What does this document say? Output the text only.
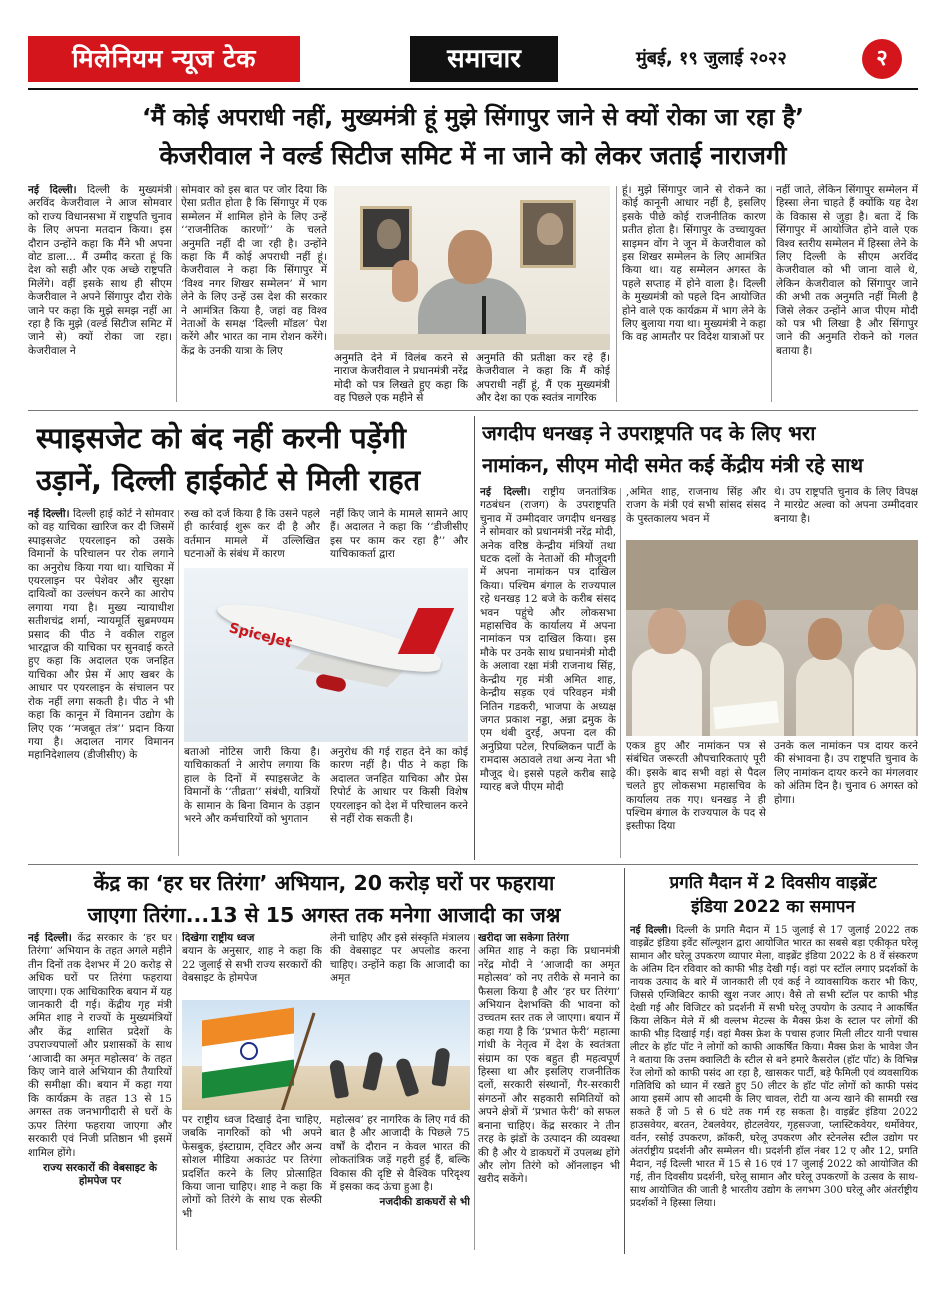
मिलेनियम न्यूज टेक	समाचार	मुंबई, १९ जुलाई २०२२	२
‘मैं कोई अपराधी नहीं, मुख्यमंत्री हूं मुझे सिंगापुर जाने से क्यों रोका जा रहा है’
केजरीवाल ने वर्ल्ड सिटीज समिट में ना जाने को लेकर जताई नाराजगी
नई दिल्ली। दिल्ली के मुख्यमंत्री अरविंद केजरीवाल ने आज सोमवार को राज्य विधानसभा में राष्ट्रपति चुनाव के लिए अपना मतदान किया। इस दौरान उन्होंने कहा कि मैंने भी अपना वोट डाला... मैं उम्मीद करता हूं कि देश को सही और एक अच्छे राष्ट्रपति मिलेंगे। वहीं इसके साथ ही सीएम केजरीवाल ने अपने सिंगापुर दौरा रोके जाने पर कहा कि मुझे समझ नहीं आ रहा है कि मुझे (वर्ल्ड सिटीज समिट में जाने से) क्यों रोका जा रहा। केजरीवाल ने
सोमवार को इस बात पर जोर दिया कि ऐसा प्रतीत होता है कि सिंगापुर में एक सम्मेलन में शामिल होने के लिए उन्हें ‘‘राजनीतिक कारणों’’ के चलते अनुमति नहीं दी जा रही है। उन्होंने कहा कि मैं कोई अपराधी नहीं हूं। केजरीवाल ने कहा कि सिंगापुर में ‘विश्व नगर शिखर सम्मेलन’ में भाग लेने के लिए उन्हें उस देश की सरकार ने आमंत्रित किया है, जहां वह विश्व नेताओं के समक्ष ‘दिल्ली मॉडल’ पेश करेंगे और भारत का नाम रोशन करेंगे। केंद्र के उनकी यात्रा के लिए
अनुमति देने में विलंब करने से नाराज केजरीवाल ने प्रधानमंत्री नरेंद्र मोदी को पत्र लिखते हुए कहा कि वह पिछले एक महीने से
अनुमति की प्रतीक्षा कर रहे हैं। केजरीवाल ने कहा कि मैं कोई अपराधी नहीं हूं, मैं एक मुख्यमंत्री और देश का एक स्वतंत्र नागरिक
हूं। मुझे सिंगापुर जाने से रोकने का कोई कानूनी आधार नहीं है, इसलिए इसके पीछे कोई राजनीतिक कारण प्रतीत होता है। सिंगापुर के उच्चायुक्त साइमन वोंग ने जून में केजरीवाल को इस शिखर सम्मेलन के लिए आमंत्रित किया था। यह सम्मेलन अगस्त के पहले सप्ताह में होने वाला है। दिल्ली के मुख्यमंत्री को पहले दिन आयोजित होने वाले एक कार्यक्रम में भाग लेने के लिए बुलाया गया था। मुख्यमंत्री ने कहा कि वह आमतौर पर विदेश यात्राओं पर
नहीं जाते, लेकिन सिंगापुर सम्मेलन में हिस्सा लेना चाहते हैं क्योंकि यह देश के विकास से जुड़ा है। बता दें कि सिंगापुर में आयोजित होने वाले एक विश्व स्तरीय सम्मेलन में हिस्सा लेने के लिए दिल्ली के सीएम अरविंद केजरीवाल को भी जाना वाले थे, लेकिन केजरीवाल को सिंगापुर जाने की अभी तक अनुमति नहीं मिली है जिसे लेकर उन्होंने आज पीएम मोदी को पत्र भी लिखा है और सिंगापुर जाने की अनुमति रोकने को गलत बताया है।
स्पाइसजेट को बंद नहीं करनी पड़ेंगी
उड़ानें, दिल्ली हाईकोर्ट से मिली राहत
नई दिल्ली। दिल्ली हाई कोर्ट ने सोमवार को वह याचिका खारिज कर दी जिसमें स्पाइसजेट एयरलाइन को उसके विमानों के परिचालन पर रोक लगाने का अनुरोध किया गया था। याचिका में एयरलाइन पर पेशेवर और सुरक्षा दायित्वों का उल्लंघन करने का आरोप लगाया गया है। मुख्य न्यायाधीश सतीशचंद्र शर्मा, न्यायमूर्ति सुब्रमण्यम प्रसाद की पीठ ने वकील राहुल भारद्वाज की याचिका पर सुनवाई करते हुए कहा कि अदालत एक जनहित याचिका और प्रेस में आए खबर के आधार पर एयरलाइन के संचालन पर रोक नहीं लगा सकती है। पीठ ने भी कहा कि कानून में विमानन उद्योग के लिए एक ‘‘मजबूत तंत्र’’ प्रदान किया गया है। अदालत नागर विमानन महानिदेशालय (डीजीसीए) के
रुख को दर्ज किया है कि उसने पहले ही कार्रवाई शुरू कर दी है और वर्तमान मामले में उल्लिखित घटनाओं के संबंध में कारण
नहीं किए जाने के मामले सामने आए हैं। अदालत ने कहा कि ‘‘डीजीसीए इस पर काम कर रहा है’’ और याचिकाकर्ता द्वारा
SpiceJet
बताओ नोटिस जारी किया है। याचिकाकर्ता ने आरोप लगाया कि हाल के दिनों में स्पाइसजेट के विमानों के ‘‘तीव्रता’’ संबंधी, यात्रियों के सामान के बिना विमान के उड़ान भरने और कर्मचारियों को भुगतान
अनुरोध की गई राहत देने का कोई कारण नहीं है। पीठ ने कहा कि अदालत जनहित याचिका और प्रेस रिपोर्ट के आधार पर किसी विशेष एयरलाइन को देश में परिचालन करने से नहीं रोक सकती है।
जगदीप धनखड़ ने उपराष्ट्रपति पद के लिए भरा
नामांकन, सीएम मोदी समेत कई केंद्रीय मंत्री रहे साथ
नई दिल्ली। राष्ट्रीय जनतांत्रिक गठबंधन (राजग) के उपराष्ट्रपति चुनाव में उम्मीदवार जगदीप धनखड़ ने सोमवार को प्रधानमंत्री नरेंद्र मोदी, अनेक वरिष्ठ केन्द्रीय मंत्रियों तथा घटक दलों के नेताओं की मौजूदगी में अपना नामांकन पत्र दाखिल किया। पश्चिम बंगाल के राज्यपाल रहे धनखड़ 12 बजे के करीब संसद भवन पहुंचे और लोकसभा महासचिव के कार्यालय में अपना नामांकन पत्र दाखिल किया। इस मौके पर उनके साथ प्रधानमंत्री मोदी के अलावा रक्षा मंत्री राजनाथ सिंह, केन्द्रीय गृह मंत्री अमित शाह, केन्द्रीय सड़क एवं परिवहन मंत्री नितिन गडकरी, भाजपा के अध्यक्ष जगत प्रकाश नड्डा, अन्ना द्रमुक के एम थंबी दुरई, अपना दल की अनुप्रिया पटेल, रिपब्लिकन पार्टी के रामदास अठावले तथा अन्य नेता भी मौजूद थे। इससे पहले करीब साढ़े ग्यारह बजे पीएम मोदी
,अमित शाह, राजनाथ सिंह और राजग के मंत्री एवं सभी सांसद संसद के पुस्तकालय भवन में
थे। उप राष्ट्रपति चुनाव के लिए विपक्ष ने मारग्रेट अल्वा को अपना उम्मीदवार बनाया है।
एकत्र हुए और नामांकन पत्र से संबंधित जरूरती औपचारिकताएं पूरी की। इसके बाद सभी वहां से पैदल चलते हुए लोकसभा महासचिव के कार्यालय तक गए। धनखड़ ने ही पश्चिम बंगाल के राज्यपाल के पद से इस्तीफा दिया
उनके कल नामांकन पत्र दायर करने की संभावना है। उप राष्ट्रपति चुनाव के लिए नामांकन दायर करने का मंगलवार को अंतिम दिन है। चुनाव 6 अगस्त को होगा।
केंद्र का ‘हर घर तिरंगा’ अभियान, 20 करोड़ घरों पर फहराया
जाएगा तिरंगा...13 से 15 अगस्त तक मनेगा आजादी का जश्न
नई दिल्ली। केंद्र सरकार के ‘हर घर तिरंगा’ अभियान के तहत अगले महीने तीन दिनों तक देशभर में 20 करोड़ से अधिक घरों पर तिरंगा फहराया जाएगा। एक आधिकारिक बयान में यह जानकारी दी गई। केंद्रीय गृह मंत्री अमित शाह ने राज्यों के मुख्यमंत्रियों और केंद्र शासित प्रदेशों के उपराज्यपालों और प्रशासकों के साथ ‘आजादी का अमृत महोत्सव’ के तहत किए जाने वाले अभियान की तैयारियों की समीक्षा की। बयान में कहा गया कि कार्यक्रम के तहत 13 से 15 अगस्त तक जनभागीदारी से घरों के ऊपर तिरंगा फहराया जाएगा और सरकारी एवं निजी प्रतिष्ठान भी इसमें शामिल होंगे।
राज्य सरकारों की वेबसाइट के होमपेज पर
दिखेगा राष्ट्रीय ध्वज
बयान के अनुसार, शाह ने कहा कि 22 जुलाई से सभी राज्य सरकारों की वेबसाइट के होमपेज
लेनी चाहिए और इसे संस्कृति मंत्रालय की वेबसाइट पर अपलोड करना चाहिए। उन्होंने कहा कि आजादी का अमृत
पर राष्ट्रीय ध्वज दिखाई देना चाहिए, जबकि नागरिकों को भी अपने फेसबुक, इंस्टाग्राम, ट्विटर और अन्य सोशल मीडिया अकाउंट पर तिरंगा प्रदर्शित करने के लिए प्रोत्साहित किया जाना चाहिए। शाह ने कहा कि लोगों को तिरंगे के साथ एक सेल्फी भी
महोत्सव’ हर नागरिक के लिए गर्व की बात है और आजादी के पिछले 75 वर्षों के दौरान न केवल भारत की लोकतांत्रिक जड़ें गहरी हुई हैं, बल्कि विकास की दृष्टि से वैश्विक परिदृश्य में इसका कद ऊंचा हुआ है।
नजदीकी डाकघरों से भी
खरीदा जा सकेगा तिरंगा
अमित शाह ने कहा कि प्रधानमंत्री नरेंद्र मोदी ने ‘आजादी का अमृत महोत्सव’ को नए तरीके से मनाने का फैसला किया है और ‘हर घर तिरंगा’ अभियान देशभक्ति की भावना को उच्चतम स्तर तक ले जाएगा। बयान में कहा गया है कि ‘प्रभात फेरी’ महात्मा गांधी के नेतृत्व में देश के स्वतंत्रता संग्राम का एक बहुत ही महत्वपूर्ण हिस्सा था और इसलिए राजनीतिक दलों, सरकारी संस्थानों, गैर-सरकारी संगठनों और सहकारी समितियों को अपने क्षेत्रों में ‘प्रभात फेरी’ को सफल बनाना चाहिए। केंद्र सरकार ने तीन तरह के झंडों के उत्पादन की व्यवस्था की है और ये डाकघरों में उपलब्ध होंगे और लोग तिरंगे को ऑनलाइन भी खरीद सकेंगे।
प्रगति मैदान में 2 दिवसीय वाइब्रेंट
इंडिया 2022 का समापन
नई दिल्ली। दिल्ली के प्रगति मैदान में 15 जुलाई से 17 जुलाई 2022 तक वाइब्रेंट इंडिया इवेंट सॉल्यूशन द्वारा आयोजित भारत का सबसे बड़ा एकीकृत घरेलू सामान और घरेलू उपकरण व्यापार मेला, वाइब्रेंट इंडिया 2022 के 8 वें संस्करण के अंतिम दिन रविवार को काफी भीड़ देखी गई। वहां पर स्टॉल लगाए प्रदर्शकों के नायक उत्पाद के बारे में जानकारी ली एवं कई ने व्यावसायिक करार भी किए, जिससे एग्जिबिटर काफी खुश नजर आए। वैसे तो सभी स्टॉल पर काफी भीड़ देखी गई और विजिटर को प्रदर्शनी में सभी घरेलू उपयोग के उत्पाद ने आकर्षित किया लेकिन मेले में श्री वल्लभ मेटल्स के मैक्स फ्रेश के स्टाल पर लोगों की काफी भीड़ दिखाई गई। वहां मैक्स फ्रेश के पचास हजार मिली लीटर यानी पचास लीटर के हॉट पॉट ने लोगों को काफी आकर्षित किया। मैक्स फ्रेश के भावेश जैन ने बताया कि उत्तम क्वालिटी के स्टील से बने हमारे कैसरोल (हॉट पॉट) के विभिन्न रेंज लोगों को काफी पसंद आ रहा है, खासकर पार्टी, बड़े फैमिली एवं व्यवसायिक गतिविधि को ध्यान में रखते हुए 50 लीटर के हॉट पॉट लोगों को काफी पसंद आया इसमें आप सौ आदमी के लिए चावल, रोटी या अन्य खाने की सामग्री रख सकते हैं जो 5 से 6 घंटे तक गर्म रह सकता है। वाइब्रेंट इंडिया 2022 हाउसवेयर, बरतन, टेबलवेयर, होटलवेयर, गृहसज्जा, प्लास्टिकवेयर, थर्मोवेयर, वर्तन, रसोई उपकरण, क्रॉकरी, घरेलू उपकरण और स्टेनलेस स्टील उद्योग पर अंतर्राष्ट्रीय प्रदर्शनी और सम्मेलन थी। प्रदर्शनी हॉल नंबर 12 ए और 12, प्रगति मैदान, नई दिल्ली भारत में 15 से 16 एवं 17 जुलाई 2022 को आयोजित की गई, तीन दिवसीय प्रदर्शनी, घरेलू सामान और घरेलू उपकरणों के उत्सव के साथ-साथ आयोजित की जाती है भारतीय उद्योग के लगभग 300 घरेलू और अंतर्राष्ट्रीय प्रदर्शकों ने हिस्सा लिया।
